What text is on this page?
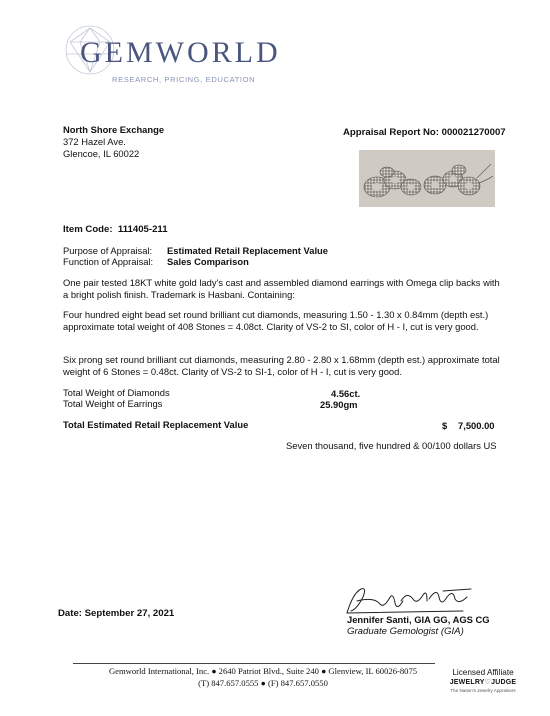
GEMWORLD
RESEARCH, PRICING, EDUCATION
North Shore Exchange
372 Hazel Ave.
Glencoe, IL 60022
Appraisal Report No: 000021270007
Item Code: 111405-211
Purpose of Appraisal: Estimated Retail Replacement Value
Function of Appraisal: Sales Comparison
One pair tested 18KT white gold lady's cast and assembled diamond earrings with Omega clip backs with a bright polish finish. Trademark is Hasbani. Containing:
Four hundred eight bead set round brilliant cut diamonds, measuring 1.50 - 1.30 x 0.84mm (depth est.) approximate total weight of 408 Stones = 4.08ct. Clarity of VS-2 to SI, color of H - I, cut is very good.
Six prong set round brilliant cut diamonds, measuring 2.80 - 2.80 x 1.68mm (depth est.) approximate total weight of 6 Stones = 0.48ct. Clarity of VS-2 to SI-1, color of H - I, cut is very good.
Total Weight of Diamonds	4.56ct.
Total Weight of Earrings	25.90gm
Total Estimated Retail Replacement Value	$ 7,500.00
Seven thousand, five hundred & 00/100 dollars US
Date: September 27, 2021
Jennifer Santi, GIA GG, AGS CG
Graduate Gemologist (GIA)
Gemworld International, Inc. ● 2640 Patriot Blvd., Suite 240 ● Glenview, IL 60026-8075
(T) 847.657.0555 ● (F) 847.657.0550
Licensed Affiliate
JEWELRY♡JUDGE
The Nation's Jewelry Appraisers
